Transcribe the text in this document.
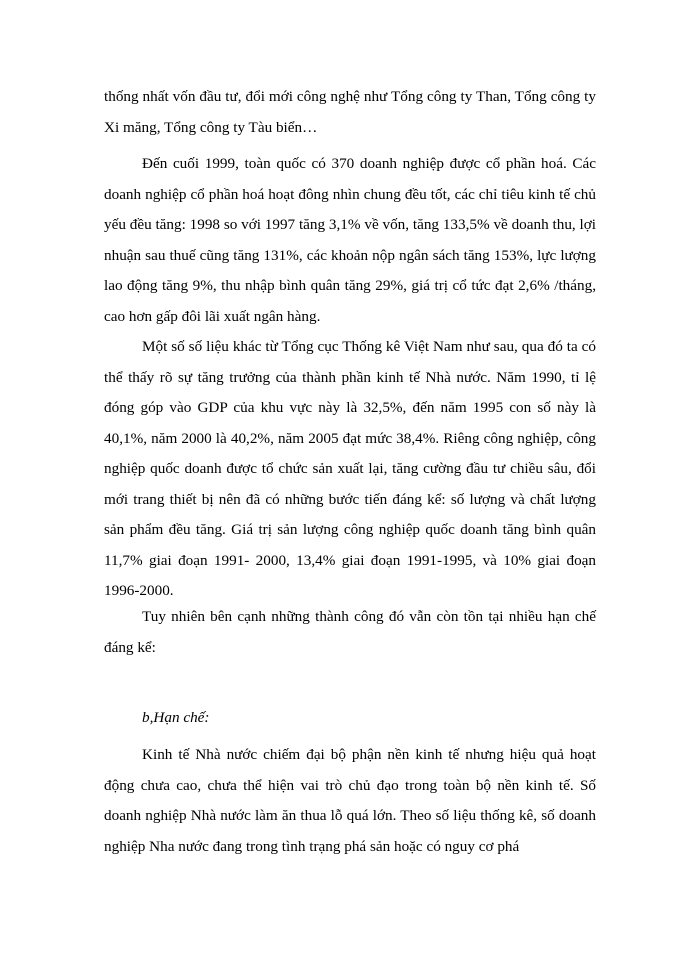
thống nhất vốn đầu tư, đổi mới công nghệ như Tổng công ty Than, Tổng công ty Xi măng, Tổng công ty Tàu biển…

Đến cuối 1999, toàn quốc có 370 doanh nghiệp được cổ phần hoá. Các doanh nghiệp cổ phần hoá hoạt đông nhìn chung đều tốt, các chỉ tiêu kinh tế chủ yếu đều tăng: 1998 so với 1997 tăng 3,1% về vốn, tăng 133,5% về doanh thu, lợi nhuận sau thuế cũng tăng 131%, các khoản nộp ngân sách tăng 153%, lực lượng lao động tăng 9%, thu nhập bình quân tăng 29%, giá trị cổ tức đạt 2,6% /tháng, cao hơn gấp đôi lãi xuất ngân hàng.

Một số số liệu khác từ Tổng cục Thống kê Việt Nam như sau, qua đó ta có thể thấy rõ sự tăng trưởng của thành phần kinh tế Nhà nước. Năm 1990, tỉ lệ đóng góp vào GDP của khu vực này là 32,5%, đến năm 1995 con số này là 40,1%, năm 2000 là 40,2%, năm 2005 đạt mức 38,4%. Riêng công nghiệp, công nghiệp quốc doanh được tổ chức sản xuất lại, tăng cường đầu tư chiều sâu, đổi mới trang thiết bị nên đã có những bước tiến đáng kể: số lượng và chất lượng sản phẩm đều tăng. Giá trị sản lượng công nghiệp quốc doanh tăng bình quân 11,7% giai đoạn 1991- 2000, 13,4% giai đoạn 1991-1995, và 10% giai đoạn 1996-2000.

Tuy nhiên bên cạnh những thành công đó vẫn còn tồn tại nhiều hạn chế đáng kể:

b,Hạn chế:

Kinh tế Nhà nước chiếm đại bộ phận nền kinh tế nhưng hiệu quả hoạt động chưa cao, chưa thể hiện vai trò chủ đạo trong toàn bộ nền kinh tế. Số doanh nghiệp Nhà nước làm ăn thua lỗ quá lớn. Theo số liệu thống kê, số doanh nghiệp Nha nước đang trong tình trạng phá sản hoặc có nguy cơ phá
